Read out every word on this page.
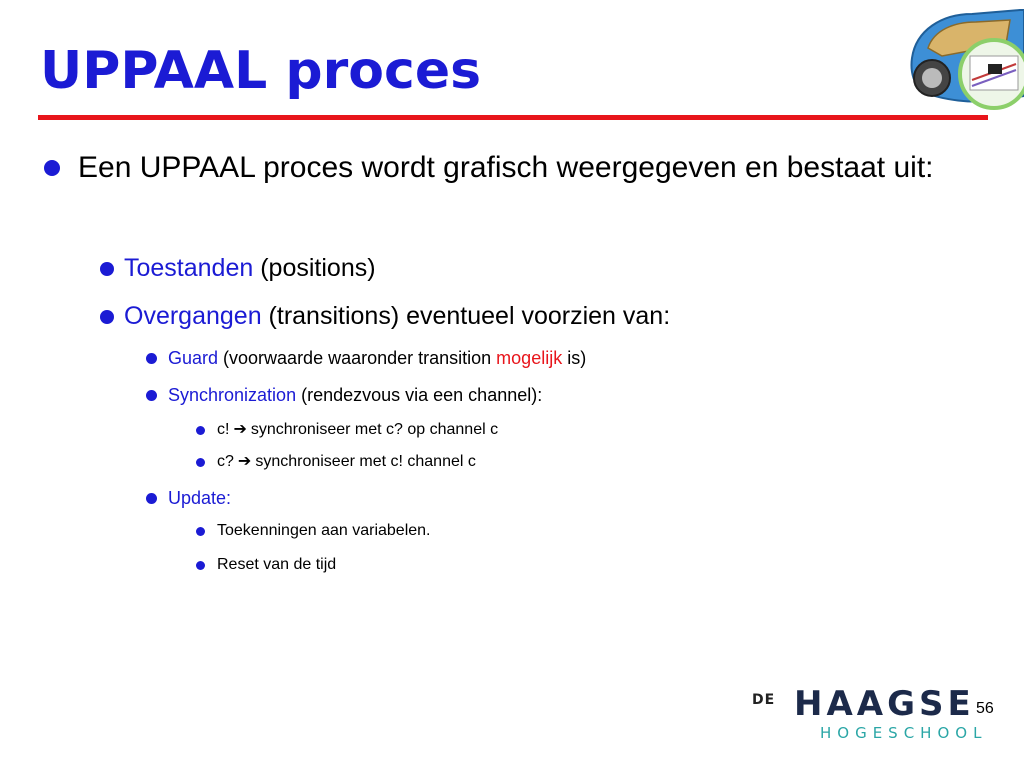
UPPAAL proces
Een UPPAAL proces wordt grafisch weergegeven en bestaat uit:
Toestanden (positions)
Overgangen (transitions) eventueel voorzien van:
Guard (voorwaarde waaronder transition mogelijk is)
Synchronization (rendezvous via een channel):
c! ➔ synchroniseer met c? op channel c
c? ➔ synchroniseer met c! channel c
Update:
Toekenningen aan variabelen.
Reset van de tijd
DE HAAGSE
HOGESCHOOL
56
